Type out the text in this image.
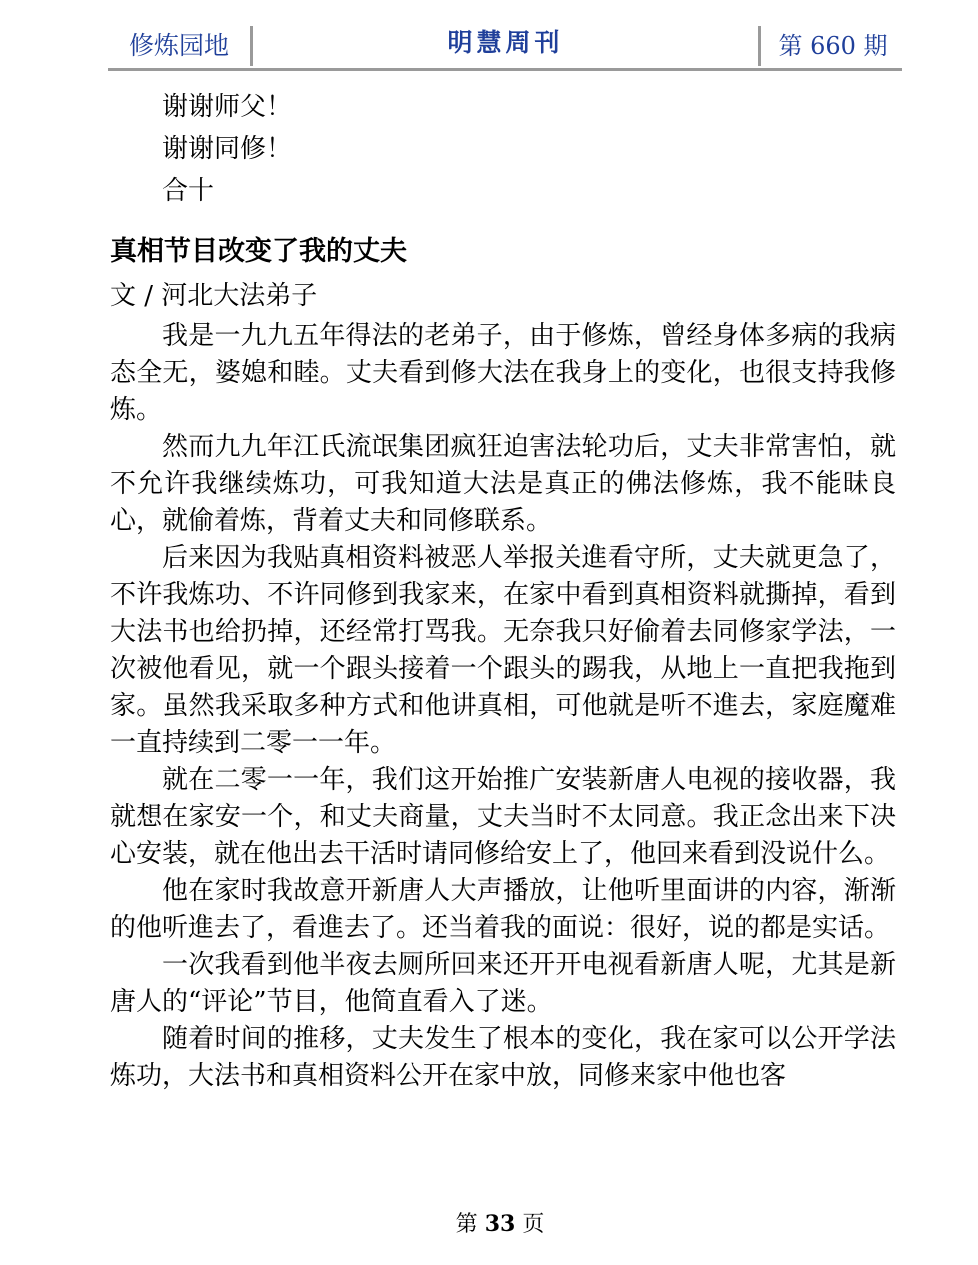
修炼园地	明慧周刊	第 660 期

谢谢师父！

谢谢同修！

合十

真相节目改变了我的丈夫

文 / 河北大法弟子

我是一九九五年得法的老弟子，由于修炼，曾经身体多病的我病态全无，婆媳和睦。丈夫看到修大法在我身上的变化，也很支持我修炼。

然而九九年江氏流氓集团疯狂迫害法轮功后，丈夫非常害怕，就不允许我继续炼功，可我知道大法是真正的佛法修炼，我不能昧良心，就偷着炼，背着丈夫和同修联系。

后来因为我贴真相资料被恶人举报关進看守所，丈夫就更急了，不许我炼功、不许同修到我家来，在家中看到真相资料就撕掉，看到大法书也给扔掉，还经常打骂我。无奈我只好偷着去同修家学法，一次被他看见，就一个跟头接着一个跟头的踢我，从地上一直把我拖到家。虽然我采取多种方式和他讲真相，可他就是听不進去，家庭魔难一直持续到二零一一年。

就在二零一一年，我们这开始推广安装新唐人电视的接收器，我就想在家安一个，和丈夫商量，丈夫当时不太同意。我正念出来下决心安装，就在他出去干活时请同修给安上了，他回来看到没说什么。

他在家时我故意开新唐人大声播放，让他听里面讲的内容，渐渐的他听進去了，看進去了。还当着我的面说：很好，说的都是实话。

一次我看到他半夜去厕所回来还开开电视看新唐人呢，尤其是新唐人的“评论”节目，他简直看入了迷。

随着时间的推移，丈夫发生了根本的变化，我在家可以公开学法炼功，大法书和真相资料公开在家中放，同修来家中他也客

第 33 页
